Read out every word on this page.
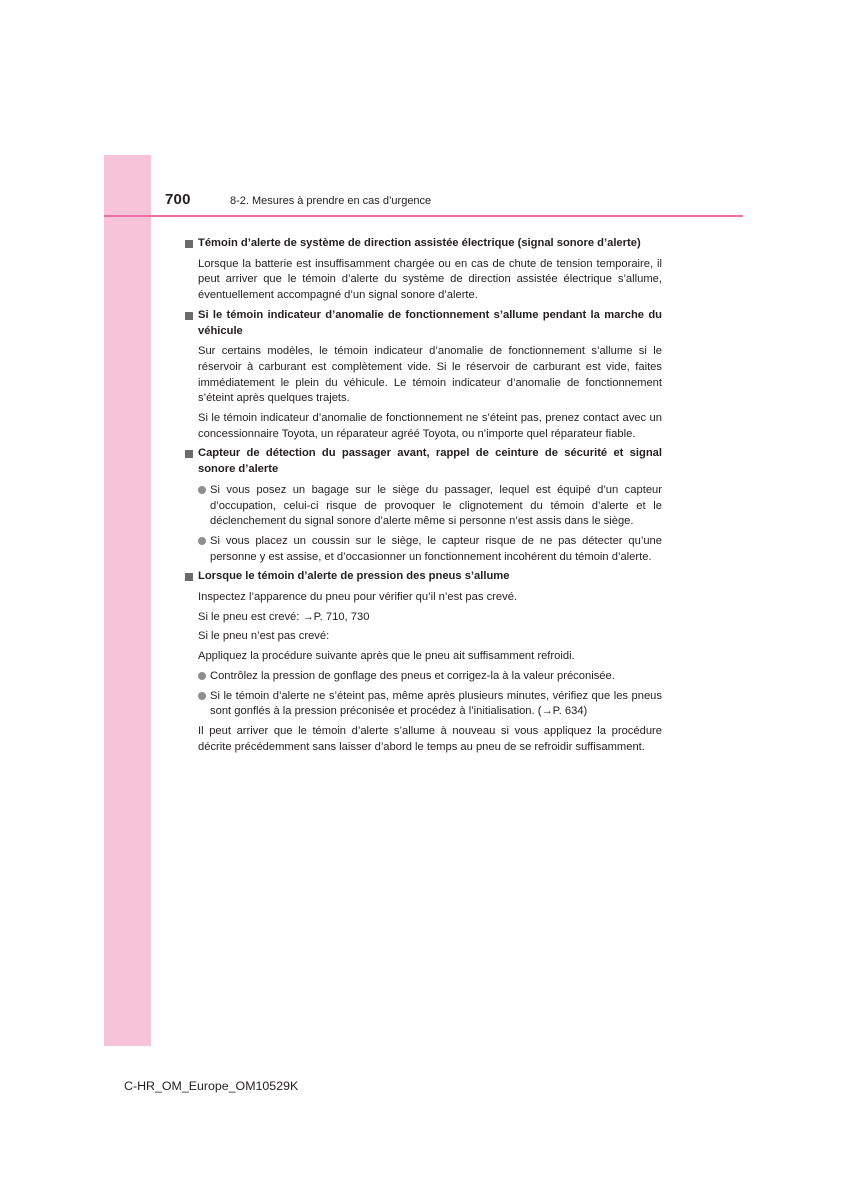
700	8-2. Mesures à prendre en cas d’urgence
Témoin d’alerte de système de direction assistée électrique (signal sonore d’alerte)

Lorsque la batterie est insuffisamment chargée ou en cas de chute de tension temporaire, il peut arriver que le témoin d’alerte du système de direction assistée électrique s’allume, éventuellement accompagné d’un signal sonore d’alerte.

Si le témoin indicateur d’anomalie de fonctionnement s’allume pendant la marche du véhicule

Sur certains modèles, le témoin indicateur d’anomalie de fonctionnement s’allume si le réservoir à carburant est complètement vide. Si le réservoir de carburant est vide, faites immédiatement le plein du véhicule. Le témoin indicateur d’anomalie de fonctionnement s’éteint après quelques trajets.

Si le témoin indicateur d’anomalie de fonctionnement ne s’éteint pas, prenez contact avec un concessionnaire Toyota, un réparateur agréé Toyota, ou n’importe quel réparateur fiable.

Capteur de détection du passager avant, rappel de ceinture de sécurité et signal sonore d’alerte
Si vous posez un bagage sur le siège du passager, lequel est équipé d’un capteur d’occupation, celui-ci risque de provoquer le clignotement du témoin d’alerte et le déclenchement du signal sonore d’alerte même si personne n’est assis dans le siège.
Si vous placez un coussin sur le siège, le capteur risque de ne pas détecter qu’une personne y est assise, et d’occasionner un fonctionnement incohérent du témoin d’alerte.
Lorsque le témoin d’alerte de pression des pneus s’allume

Inspectez l’apparence du pneu pour vérifier qu’il n’est pas crevé.

Si le pneu est crevé: →P. 710, 730

Si le pneu n’est pas crevé:

Appliquez la procédure suivante après que le pneu ait suffisamment refroidi.

Contrôlez la pression de gonflage des pneus et corrigez-la à la valeur préconisée.
Si le témoin d’alerte ne s’éteint pas, même après plusieurs minutes, vérifiez que les pneus sont gonflés à la pression préconisée et procédez à l’initialisation. (→P. 634)

Il peut arriver que le témoin d’alerte s’allume à nouveau si vous appliquez la procédure décrite précédemment sans laisser d’abord le temps au pneu de se refroidir suffisamment.

C-HR_OM_Europe_OM10529K
